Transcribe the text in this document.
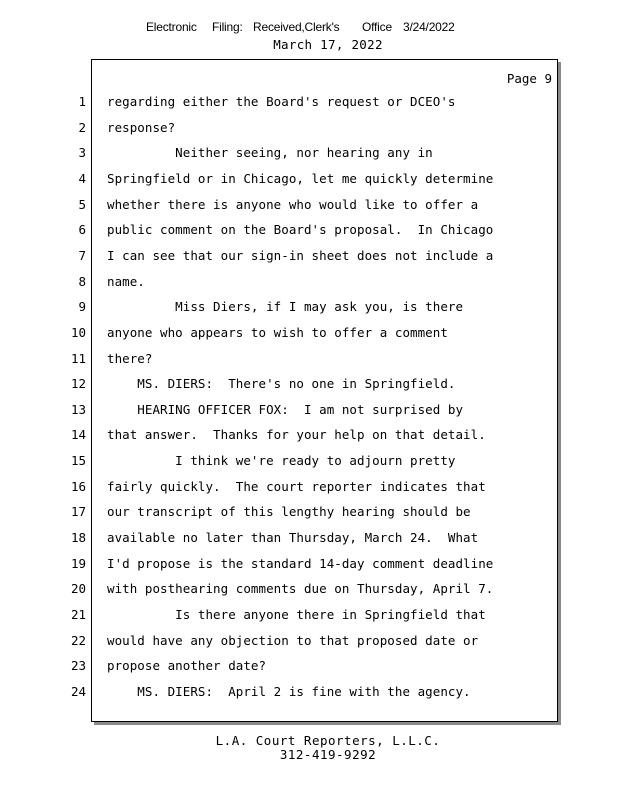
Electronic Filing: Received,Clerk's Office 3/24/2022
March 17, 2022
Page 9
1 regarding either the Board's request or DCEO's
2 response?
3 Neither seeing, nor hearing any in
4 Springfield or in Chicago, let me quickly determine
5 whether there is anyone who would like to offer a
6 public comment on the Board's proposal.  In Chicago
7 I can see that our sign-in sheet does not include a
8 name.
9 Miss Diers, if I may ask you, is there
10 anyone who appears to wish to offer a comment
11 there?
12 MS. DIERS:  There's no one in Springfield.
13 HEARING OFFICER FOX:  I am not surprised by
14 that answer.  Thanks for your help on that detail.
15 I think we're ready to adjourn pretty
16 fairly quickly.  The court reporter indicates that
17 our transcript of this lengthy hearing should be
18 available no later than Thursday, March 24.  What
19 I'd propose is the standard 14-day comment deadline
20 with posthearing comments due on Thursday, April 7.
21 Is there anyone there in Springfield that
22 would have any objection to that proposed date or
23 propose another date?
24 MS. DIERS:  April 2 is fine with the agency.
L.A. Court Reporters, L.L.C.
312-419-9292
